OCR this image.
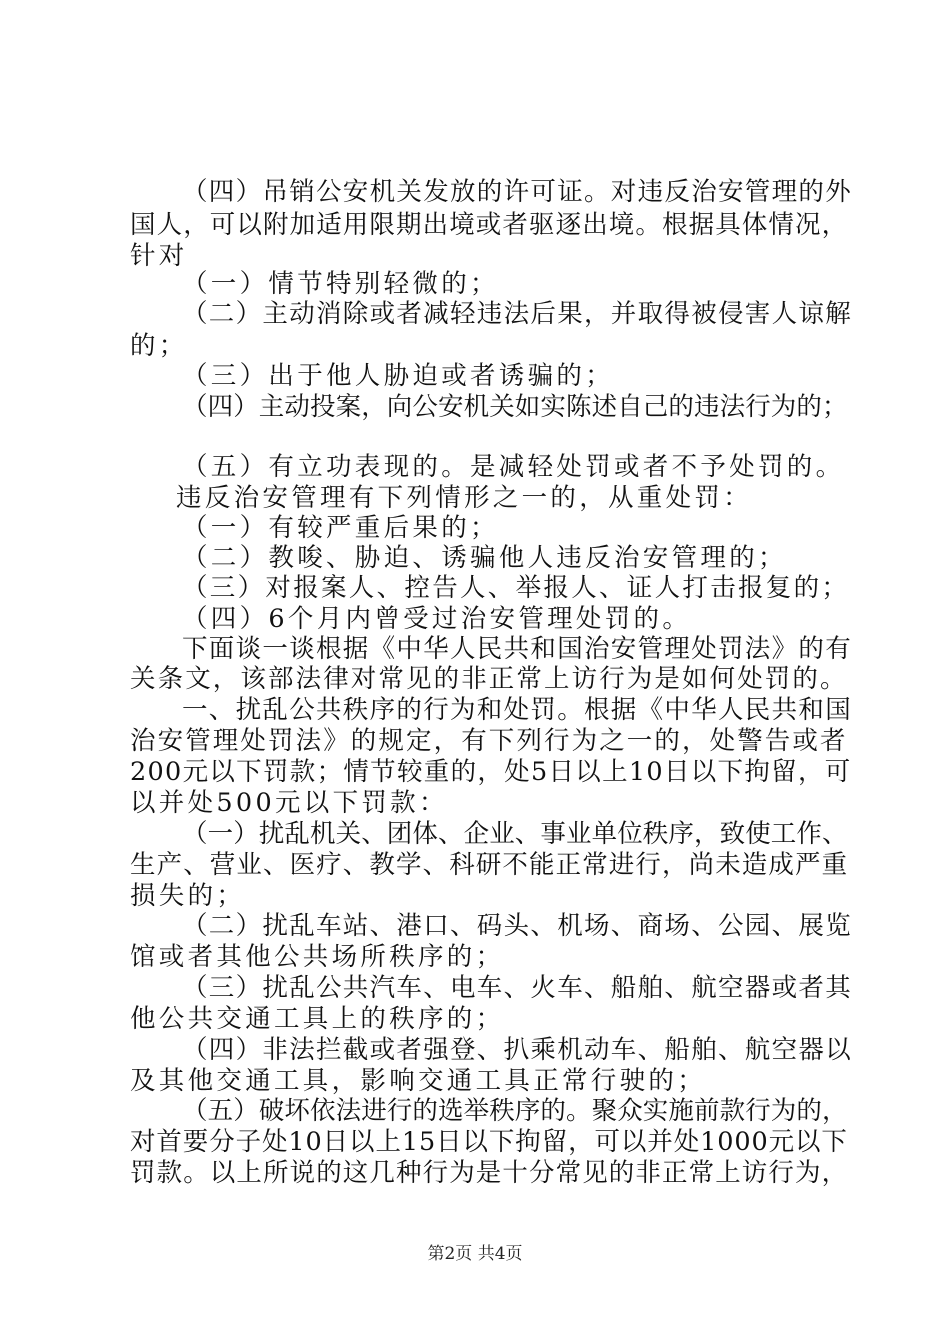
（四）吊销公安机关发放的许可证。对违反治安管理的外
国人，可以附加适用限期出境或者驱逐出境。根据具体情况，
针对
（一）情节特别轻微的；
（二）主动消除或者减轻违法后果，并取得被侵害人谅解
的；
（三）出于他人胁迫或者诱骗的；
（四）主动投案，向公安机关如实陈述自己的违法行为的；
（五）有立功表现的。是减轻处罚或者不予处罚的。
违反治安管理有下列情形之一的，从重处罚：
（一）有较严重后果的；
（二）教唆、胁迫、诱骗他人违反治安管理的；
（三）对报案人、控告人、举报人、证人打击报复的；
（四）6个月内曾受过治安管理处罚的。
下面谈一谈根据《中华人民共和国治安管理处罚法》的有
关条文，该部法律对常见的非正常上访行为是如何处罚的。
一、扰乱公共秩序的行为和处罚。根据《中华人民共和国
治安管理处罚法》的规定，有下列行为之一的，处警告或者
200元以下罚款；情节较重的，处5日以上10日以下拘留，可
以并处500元以下罚款：
（一）扰乱机关、团体、企业、事业单位秩序，致使工作、
生产、营业、医疗、教学、科研不能正常进行，尚未造成严重
损失的；
（二）扰乱车站、港口、码头、机场、商场、公园、展览
馆或者其他公共场所秩序的；
（三）扰乱公共汽车、电车、火车、船舶、航空器或者其
他公共交通工具上的秩序的；
（四）非法拦截或者强登、扒乘机动车、船舶、航空器以
及其他交通工具，影响交通工具正常行驶的；
（五）破坏依法进行的选举秩序的。聚众实施前款行为的，
对首要分子处10日以上15日以下拘留，可以并处1000元以下
罚款。以上所说的这几种行为是十分常见的非正常上访行为，
第2页 共4页
